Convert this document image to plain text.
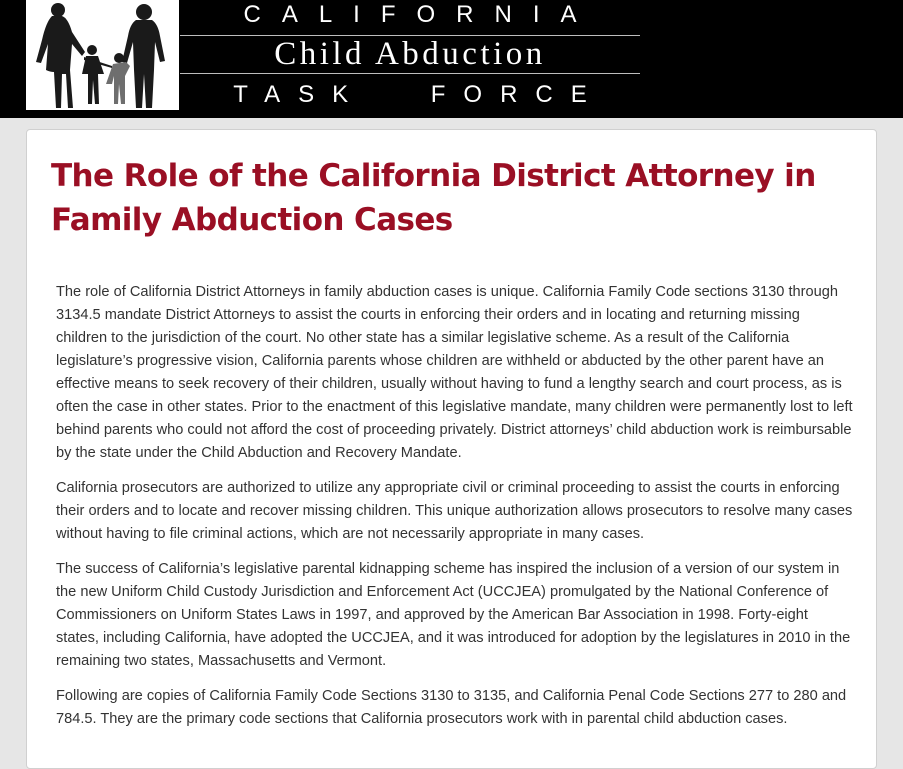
CALIFORNIA
Child Abduction
TASK FORCE
The Role of the California District Attorney in Family Abduction Cases

The role of California District Attorneys in family abduction cases is unique. California Family Code sections 3130 through 3134.5 mandate District Attorneys to assist the courts in enforcing their orders and in locating and returning missing children to the jurisdiction of the court. No other state has a similar legislative scheme. As a result of the California legislature’s progressive vision, California parents whose children are withheld or abducted by the other parent have an effective means to seek recovery of their children, usually without having to fund a lengthy search and court process, as is often the case in other states. Prior to the enactment of this legislative mandate, many children were permanently lost to left behind parents who could not afford the cost of proceeding privately. District attorneys’ child abduction work is reimbursable by the state under the Child Abduction and Recovery Mandate.

California prosecutors are authorized to utilize any appropriate civil or criminal proceeding to assist the courts in enforcing their orders and to locate and recover missing children. This unique authorization allows prosecutors to resolve many cases without having to file criminal actions, which are not necessarily appropriate in many cases.

The success of California’s legislative parental kidnapping scheme has inspired the inclusion of a version of our system in the new Uniform Child Custody Jurisdiction and Enforcement Act (UCCJEA) promulgated by the National Conference of Commissioners on Uniform States Laws in 1997, and approved by the American Bar Association in 1998. Forty-eight states, including California, have adopted the UCCJEA, and it was introduced for adoption by the legislatures in 2010 in the remaining two states, Massachusetts and Vermont.

Following are copies of California Family Code Sections 3130 to 3135, and California Penal Code Sections 277 to 280 and 784.5. They are the primary code sections that California prosecutors work with in parental child abduction cases.
